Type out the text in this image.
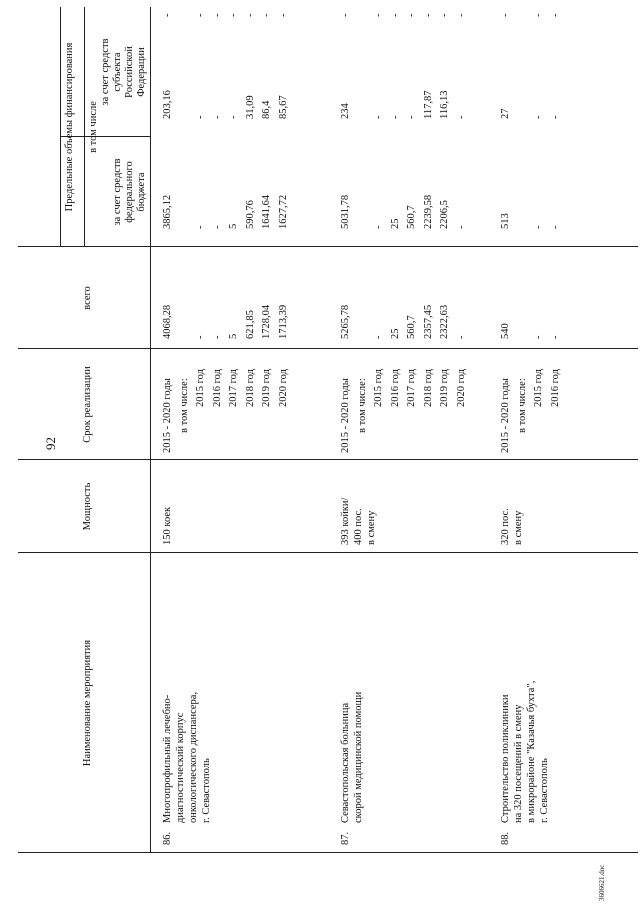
92
Наименование мероприятия
Мощность
Срок реализации
всего
Предельные объемы финансирования в том числе
за счет средств федерального бюджета
за счет средств субъекта Российской Федерации
86.
Многопрофильный лечебно- диагностический корпус онкологического диспансера, г. Севастополь
150 коек
2015 - 2020 годы
4068,28
3865,12
203,16
-
в том числе: 2015 год
-
-
-
-
2016 год
-
-
-
-
2017 год
5
5
-
-
2018 год
621,85
590,76
31,09
-
2019 год
1728,04
1641,64
86,4
-
2020 год
1713,39
1627,72
85,67
-
87.
Севастопольская больница скорой медицинской помощи
393 койки/ 400 пос. в смену
2015 - 2020 годы
5265,78
5031,78
234
-
в том числе: 2015 год
-
-
-
-
2016 год
25
25
-
-
2017 год
560,7
560,7
-
-
2018 год
2357,45
2239,58
117,87
-
2019 год
2322,63
2206,5
116,13
-
2020 год
-
-
-
-
88.
Строительство поликлиники на 320 посещений в смену в микрорайоне "Казачья бухта", г. Севастополь
320 пос. в смену
2015 - 2020 годы
540
513
27
-
в том числе: 2015 год
-
-
-
-
2016 год
-
-
-
-
3606621.doc
